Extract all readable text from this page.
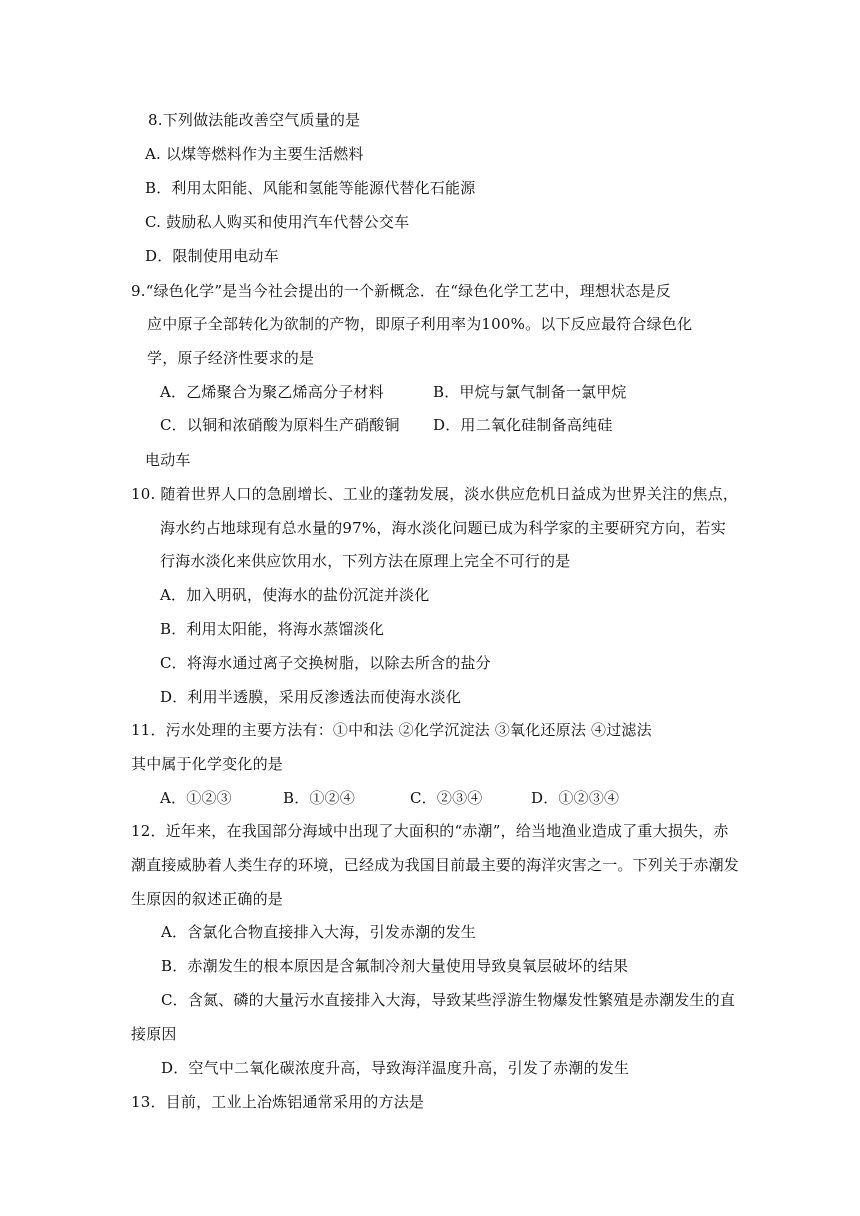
8.下列做法能改善空气质量的是
A. 以煤等燃料作为主要生活燃料
B．利用太阳能、风能和氢能等能源代替化石能源
C. 鼓励私人购买和使用汽车代替公交车
D．限制使用电动车
9.“绿色化学”是当今社会提出的一个新概念．在“绿色化学工艺中，理想状态是反
应中原子全部转化为欲制的产物，即原子利用率为100%。以下反应最符合绿色化
学，原子经济性要求的是
A．乙烯聚合为聚乙烯高分子材料	B．甲烷与氯气制备一氯甲烷
C．以铜和浓硝酸为原料生产硝酸铜 D．用二氧化硅制备高纯硅
电动车
10. 随着世界人口的急剧增长、工业的蓬勃发展，淡水供应危机日益成为世界关注的焦点，
海水约占地球现有总水量的97%，海水淡化问题已成为科学家的主要研究方向，若实
行海水淡化来供应饮用水，下列方法在原理上完全不可行的是
A．加入明矾，使海水的盐份沉淀并淡化
B．利用太阳能，将海水蒸馏淡化
C．将海水通过离子交换树脂，以除去所含的盐分
D．利用半透膜，采用反渗透法而使海水淡化
11．污水处理的主要方法有：①中和法 ②化学沉淀法 ③氧化还原法 ④过滤法
其中属于化学变化的是
A．①②③	B．①②④	C．②③④	D．①②③④
12．近年来，在我国部分海域中出现了大面积的“赤潮”，给当地渔业造成了重大损失，赤
潮直接威胁着人类生存的环境，已经成为我国目前最主要的海洋灾害之一。下列关于赤潮发
生原因的叙述正确的是
A．含氯化合物直接排入大海，引发赤潮的发生
B．赤潮发生的根本原因是含氟制冷剂大量使用导致臭氧层破坏的结果
C．含氮、磷的大量污水直接排入大海，导致某些浮游生物爆发性繁殖是赤潮发生的直
接原因
D．空气中二氧化碳浓度升高，导致海洋温度升高，引发了赤潮的发生
13．目前，工业上冶炼铝通常采用的方法是
